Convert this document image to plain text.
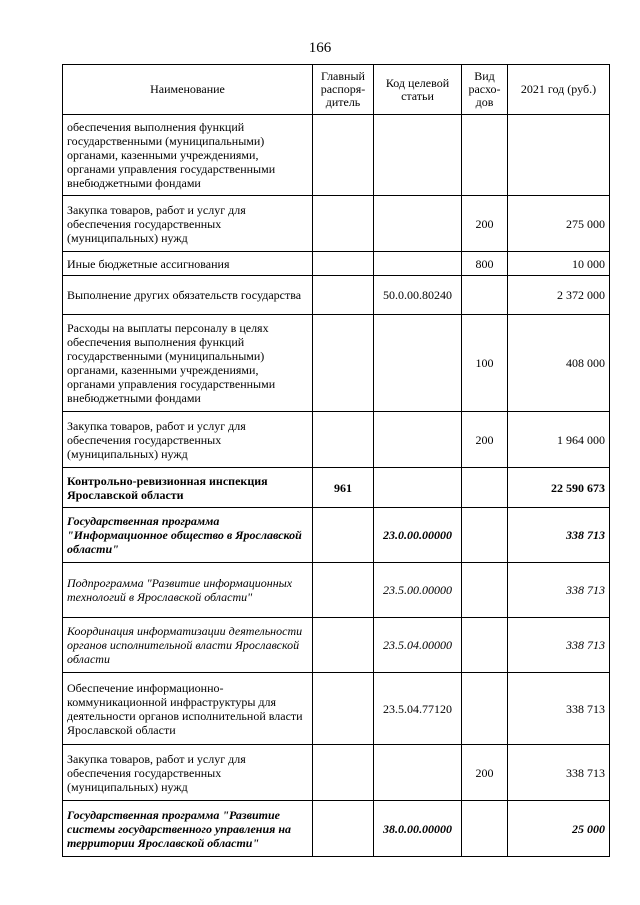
166
Наименование	Главный распоря-дитель	Код целевой статьи	Вид расхо-дов	2021 год (руб.)
обеспечения выполнения функций государственными (муниципальными) органами, казенными учреждениями, органами управления государственными внебюджетными фондами				
Закупка товаров, работ и услуг для обеспечения государственных (муниципальных) нужд			200	275 000
Иные бюджетные ассигнования			800	10 000
Выполнение других обязательств государства		50.0.00.80240		2 372 000
Расходы на выплаты персоналу в целях обеспечения выполнения функций государственными (муниципальными) органами, казенными учреждениями, органами управления государственными внебюджетными фондами			100	408 000
Закупка товаров, работ и услуг для обеспечения государственных (муниципальных) нужд			200	1 964 000
Контрольно-ревизионная инспекция Ярославской области	961			22 590 673
Государственная программа "Информационное общество в Ярославской области"		23.0.00.00000		338 713
Подпрограмма "Развитие информационных технологий в Ярославской области"		23.5.00.00000		338 713
Координация информатизации деятельности органов исполнительной власти Ярославской области		23.5.04.00000		338 713
Обеспечение информационно-коммуникационной инфраструктуры для деятельности органов исполнительной власти Ярославской области		23.5.04.77120		338 713
Закупка товаров, работ и услуг для обеспечения государственных (муниципальных) нужд			200	338 713
Государственная программа "Развитие системы государственного управления на территории Ярославской области"		38.0.00.00000		25 000
